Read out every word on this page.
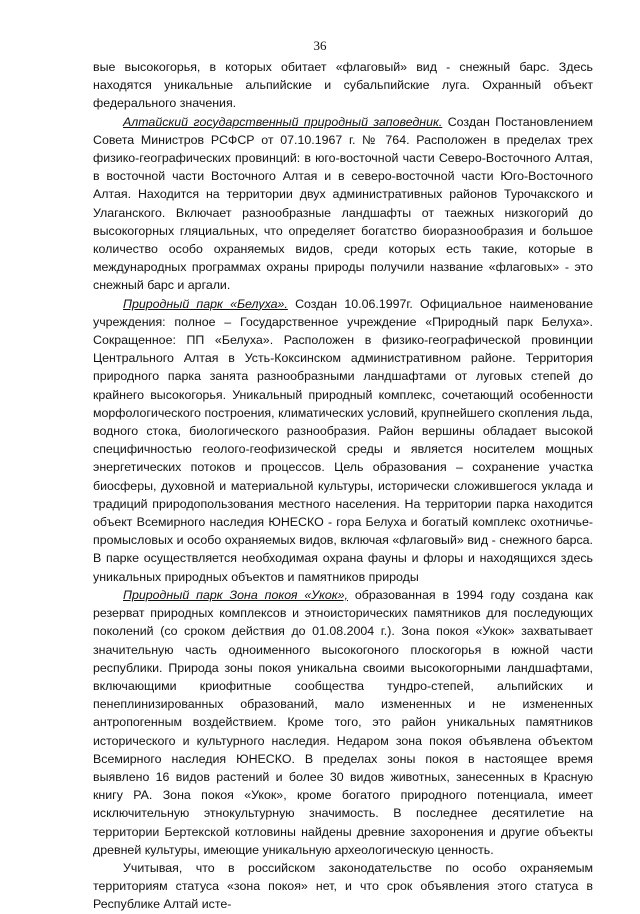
36

вые высокогорья, в которых обитает «флаговый» вид - снежный барс. Здесь находятся уникальные альпийские и субальпийские луга. Охранный объект федерального значения.

Алтайский государственный природный заповедник. Создан Постановлением Совета Министров РСФСР от 07.10.1967 г. № 764. Расположен в пределах трех физико-географических провинций: в юго-восточной части Северо-Восточного Алтая, в восточной части Восточного Алтая и в северо-восточной части Юго-Восточного Алтая. Находится на территории двух административных районов Турочакского и Улаганского. Включает разнообразные ландшафты от таежных низкогорий до высокогорных гляциальных, что определяет богатство биоразнообразия и большое количество особо охраняемых видов, среди которых есть такие, которые в международных программах охраны природы получили название «флаговых» - это снежный барс и аргали.

Природный парк «Белуха». Создан 10.06.1997г. Официальное наименование учреждения: полное – Государственное учреждение «Природный парк Белуха». Сокращенное: ПП «Белуха». Расположен в физико-географической провинции Центрального Алтая в Усть-Коксинском административном районе. Территория природного парка занята разнообразными ландшафтами от луговых степей до крайнего высокогорья. Уникальный природный комплекс, сочетающий особенности морфологического построения, климатических условий, крупнейшего скопления льда, водного стока, биологического разнообразия. Район вершины обладает высокой специфичностью геолого-геофизической среды и является носителем мощных энергетических потоков и процессов. Цель образования – сохранение участка биосферы, духовной и материальной культуры, исторически сложившегося уклада и традиций природопользования местного населения. На территории парка находится объект Всемирного наследия ЮНЕСКО - гора Белуха и богатый комплекс охотничье-промысловых и особо охраняемых видов, включая «флаговый» вид - снежного барса. В парке осуществляется необходимая охрана фауны и флоры и находящихся здесь уникальных природных объектов и памятников природы

Природный парк Зона покоя «Укок», образованная в 1994 году создана как резерват природных комплексов и этноисторических памятников для последующих поколений (со сроком действия до 01.08.2004 г.). Зона покоя «Укок» захватывает значительную часть одноименного высокогоного плоскогорья в южной части республики. Природа зоны покоя уникальна своими высокогорными ландшафтами, включающими криофитные сообщества тундро-степей, альпийских и пенеплинизированных образований, мало измененных и не измененных антропогенным воздействием. Кроме того, это район уникальных памятников исторического и культурного наследия. Недаром зона покоя объявлена объектом Всемирного наследия ЮНЕСКО. В пределах зоны покоя в настоящее время выявлено 16 видов растений и более 30 видов животных, занесенных в Красную книгу РА. Зона покоя «Укок», кроме богатого природного потенциала, имеет исключительную этнокультурную значимость. В последнее десятилетие на территории Бертекской котловины найдены древние захоронения и другие объекты древней культуры, имеющие уникальную археологическую ценность.

Учитывая, что в российском законодательстве по особо охраняемым территориям статуса «зона покоя» нет, и что срок объявления этого статуса в Республике Алтай исте-
